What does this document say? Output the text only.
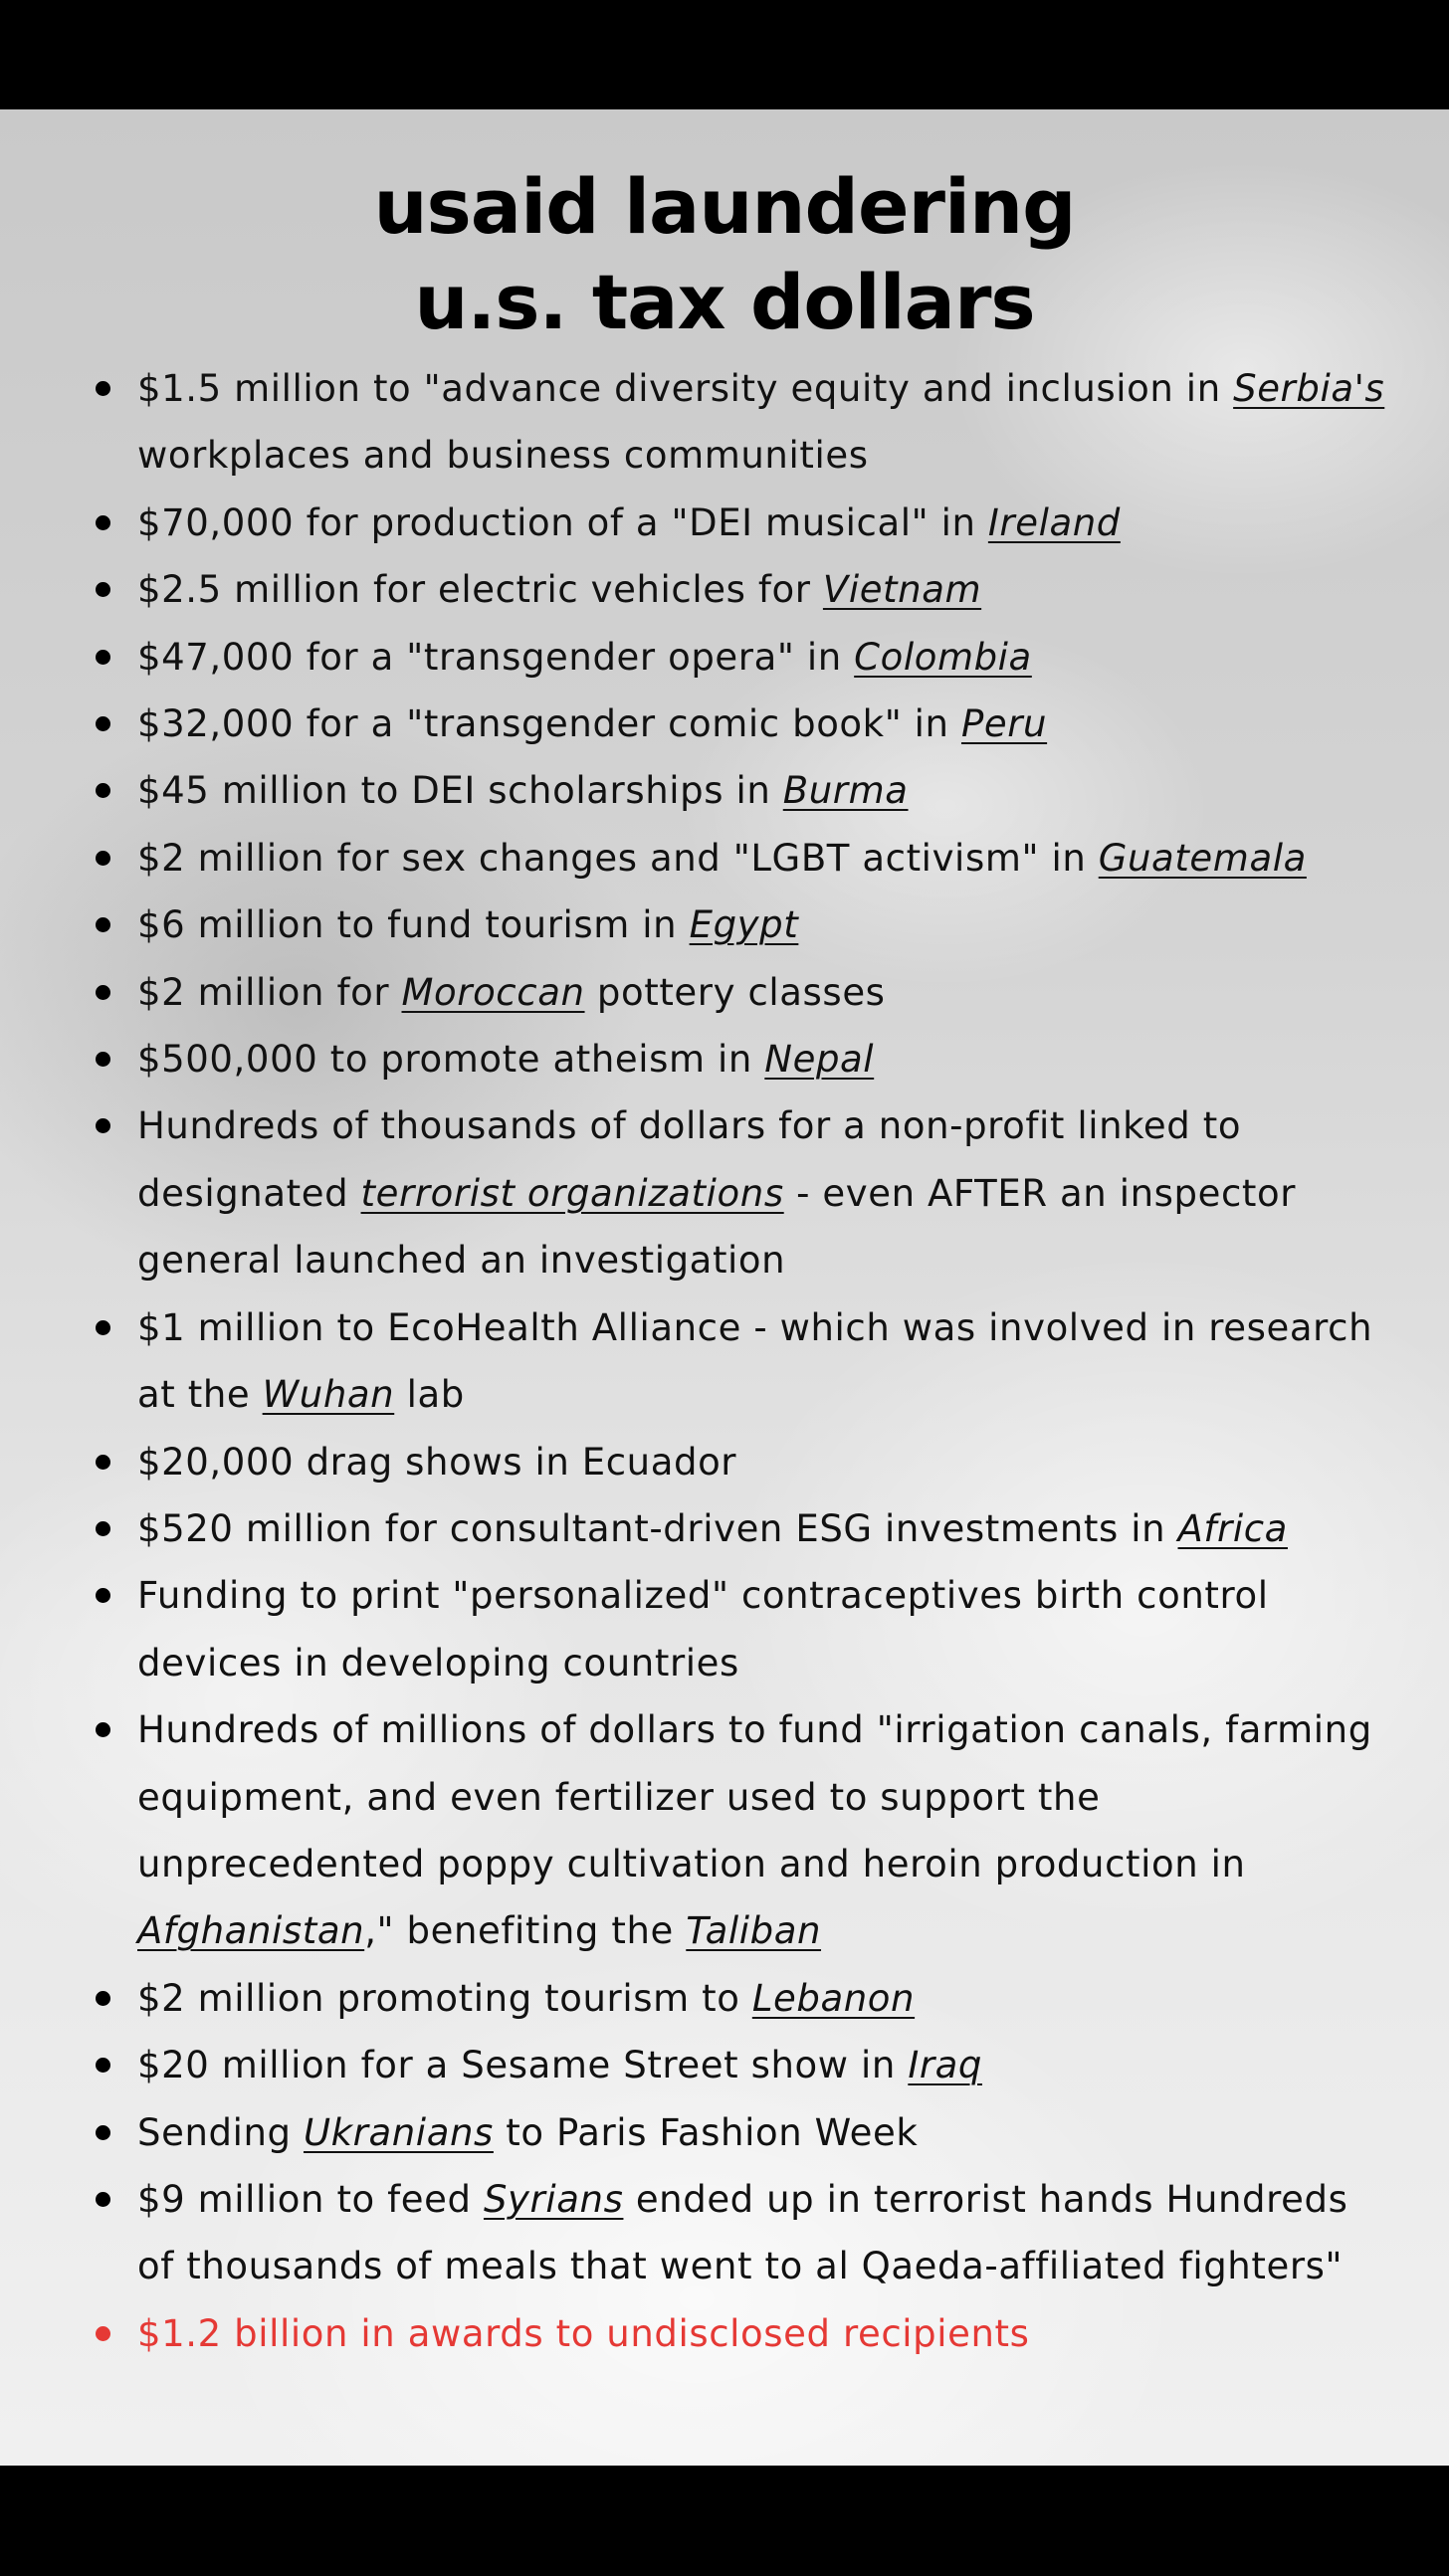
usaid laundering
u.s. tax dollars
$1.5 million to "advance diversity equity and inclusion in Serbia's workplaces and business communities
$70,000 for production of a "DEI musical" in Ireland
$2.5 million for electric vehicles for Vietnam
$47,000 for a "transgender opera" in Colombia
$32,000 for a "transgender comic book" in Peru
$45 million to DEI scholarships in Burma
$2 million for sex changes and "LGBT activism" in Guatemala
$6 million to fund tourism in Egypt
$2 million for Moroccan pottery classes
$500,000 to promote atheism in Nepal
Hundreds of thousands of dollars for a non-profit linked to designated terrorist organizations - even AFTER an inspector general launched an investigation
$1 million to EcoHealth Alliance - which was involved in research at the Wuhan lab
$20,000 drag shows in Ecuador
$520 million for consultant-driven ESG investments in Africa
Funding to print "personalized" contraceptives birth control devices in developing countries
Hundreds of millions of dollars to fund "irrigation canals, farming equipment, and even fertilizer used to support the unprecedented poppy cultivation and heroin production in Afghanistan," benefiting the Taliban
$2 million promoting tourism to Lebanon
$20 million for a Sesame Street show in Iraq
Sending Ukranians to Paris Fashion Week
$9 million to feed Syrians ended up in terrorist hands Hundreds of thousands of meals that went to al Qaeda-affiliated fighters"
$1.2 billion in awards to undisclosed recipients
